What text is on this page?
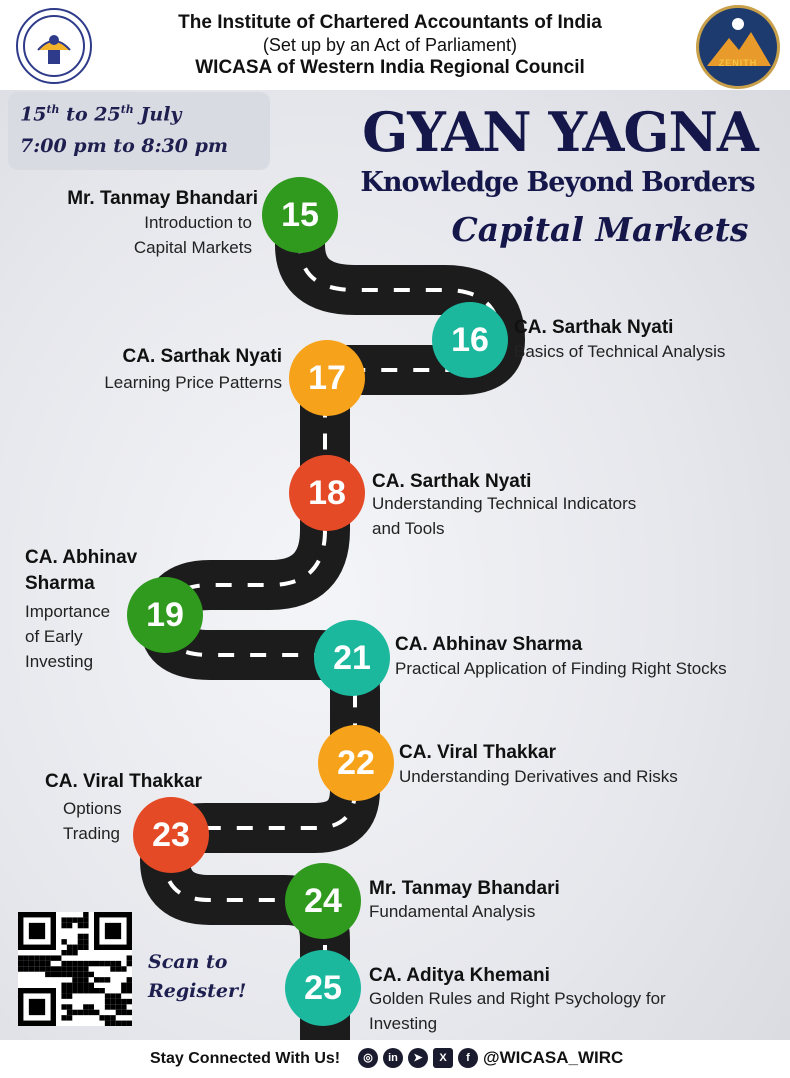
The Institute of Chartered Accountants of India
(Set up by an Act of Parliament)
WICASA of Western India Regional Council	ZENITH
15th to 25th July
7:00 pm to 8:30 pm	GYAN YAGNA
Knowledge Beyond Borders
Capital Markets
15
Mr. Tanmay Bhandari
Introduction to
Capital Markets
16	CA. Sarthak Nyati
Basics of Technical Analysis
17
CA. Sarthak Nyati
Learning Price Patterns
18	CA. Sarthak Nyati
Understanding Technical Indicators
and Tools
19
CA. Abhinav
Sharma
Importance
of Early
Investing	21	CA. Abhinav Sharma
Practical Application of Finding Right Stocks
22	CA. Viral Thakkar
Understanding Derivatives and Risks
23
CA. Viral Thakkar
Options
Trading
24	Mr. Tanmay Bhandari
Fundamental Analysis
25	CA. Aditya Khemani
Golden Rules and Right Psychology for
Investing
Scan to
Register!
Stay Connected With Us!	◎	in	➤	X	f @WICASA_WIRC
